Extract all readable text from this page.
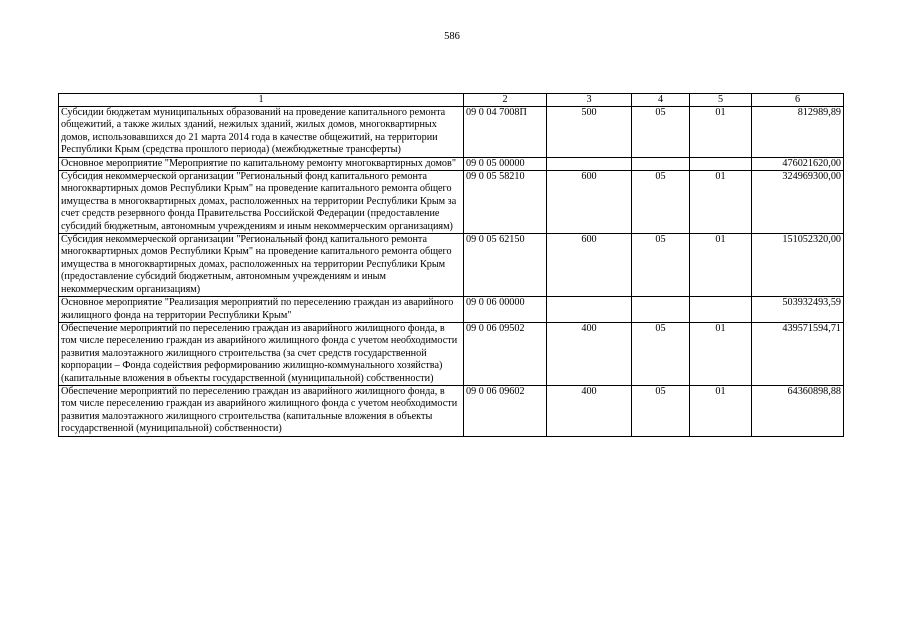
586
1	2	3	4	5	6
Субсидии бюджетам муниципальных образований на проведение капитального ремонта общежитий, а также жилых зданий, нежилых зданий, жилых домов, многоквартирных домов, использовавшихся до 21 марта 2014 года в качестве общежитий, на территории Республики Крым (средства прошлого периода) (межбюджетные трансферты)	09 0 04 7008П	500	05	01	812989,89
Основное мероприятие "Мероприятие по капитальному ремонту многоквартирных домов"	09 0 05 00000				476021620,00
Субсидия некоммерческой организации "Региональный фонд капитального ремонта многоквартирных домов Республики Крым" на проведение капитального ремонта общего имущества в многоквартирных домах, расположенных на территории Республики Крым за счет средств резервного фонда Правительства Российской Федерации (предоставление субсидий бюджетным, автономным учреждениям и иным некоммерческим организациям)	09 0 05 58210	600	05	01	324969300,00
Субсидия некоммерческой организации "Региональный фонд капитального ремонта многоквартирных домов Республики Крым" на проведение капитального ремонта общего имущества в многоквартирных домах, расположенных на территории Республики Крым (предоставление субсидий бюджетным, автономным учреждениям и иным некоммерческим организациям)	09 0 05 62150	600	05	01	151052320,00
Основное мероприятие "Реализация мероприятий по переселению граждан из аварийного жилищного фонда на территории Республики Крым"	09 0 06 00000				503932493,59
Обеспечение мероприятий по переселению граждан из аварийного жилищного фонда, в том числе переселению граждан из аварийного жилищного фонда с учетом необходимости развития малоэтажного жилищного строительства (за счет средств государственной корпорации – Фонда содействия реформированию жилищно-коммунального хозяйства) (капитальные вложения в объекты государственной (муниципальной) собственности)	09 0 06 09502	400	05	01	439571594,71
Обеспечение мероприятий по переселению граждан из аварийного жилищного фонда, в том числе переселению граждан из аварийного жилищного фонда с учетом необходимости развития малоэтажного жилищного строительства (капитальные вложения в объекты государственной (муниципальной) собственности)	09 0 06 09602	400	05	01	64360898,88
